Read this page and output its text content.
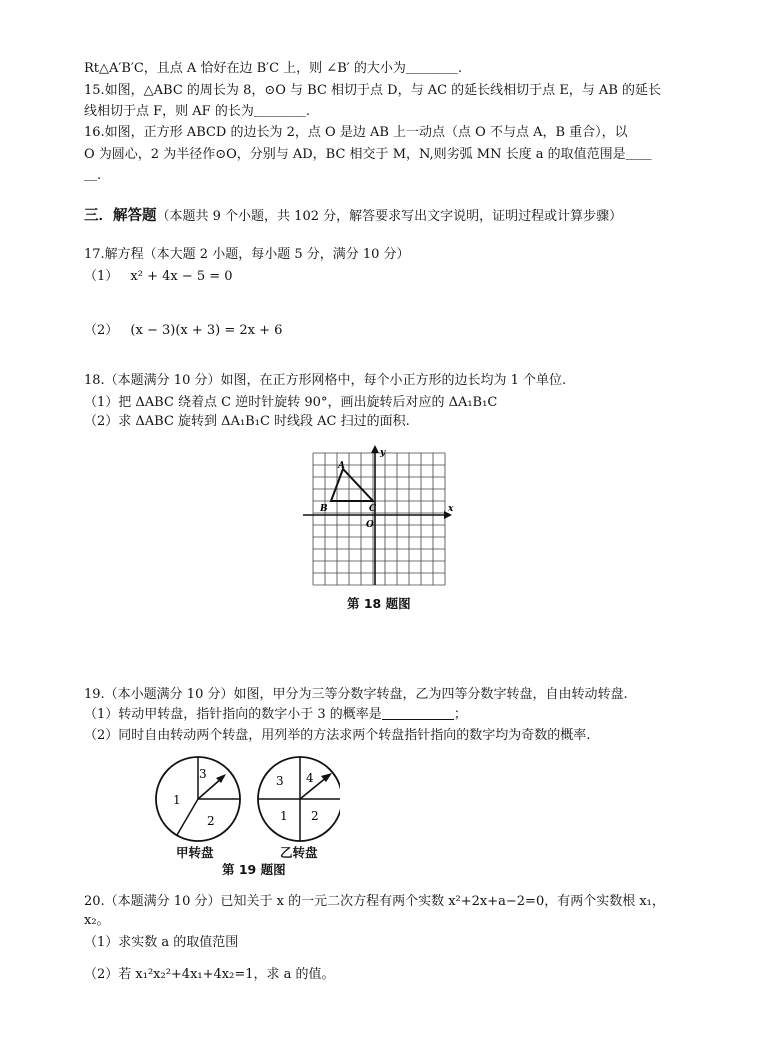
Rt△A′B′C，且点 A 恰好在边 B′C 上，则 ∠B′ 的大小为＿＿＿＿.
15.如图，△ABC 的周长为 8，⊙O 与 BC 相切于点 D，与 AC 的延长线相切于点 E，与 AB 的延长
线相切于点 F，则 AF 的长为＿＿＿＿.
16.如图，正方形 ABCD 的边长为 2，点 O 是边 AB 上一动点（点 O 不与点 A，B 重合），以
O 为圆心，2 为半径作⊙O，分别与 AD，BC 相交于 M，N,则劣弧 MN 长度 a 的取值范围是＿＿
＿.
三．解答题（本题共 9 个小题，共 102 分，解答要求写出文字说明，证明过程或计算步骤）
17.解方程（本大题 2 小题，每小题 5 分，满分 10 分）
（1） x² + 4x − 5 = 0
（2） (x − 3)(x + 3) = 2x + 6
18.（本题满分 10 分）如图，在正方形网格中，每个小正方形的边长均为 1 个单位.
（1）把 ΔABC 绕着点 C 逆时针旋转 90°，画出旋转后对应的 ΔA₁B₁C
（2）求 ΔABC 旋转到 ΔA₁B₁C 时线段 AC 扫过的面积.
A
B	C
O
x
y
第 18 题图
19.（本小题满分 10 分）如图，甲分为三等分数字转盘，乙为四等分数字转盘，自由转动转盘.
（1）转动甲转盘，指针指向的数字小于 3 的概率是	；
（2）同时自由转动两个转盘，用列举的方法求两个转盘指针指向的数字均为奇数的概率.
1
2
3	3 4
1 2
甲转盘	乙转盘
第 19 题图
20.（本题满分 10 分）已知关于 x 的一元二次方程有两个实数 x²+2x+a−2=0，有两个实数根 x₁，
x₂。
（1）求实数 a 的取值范围
（2）若 x₁²x₂²+4x₁+4x₂=1，求 a 的值。
